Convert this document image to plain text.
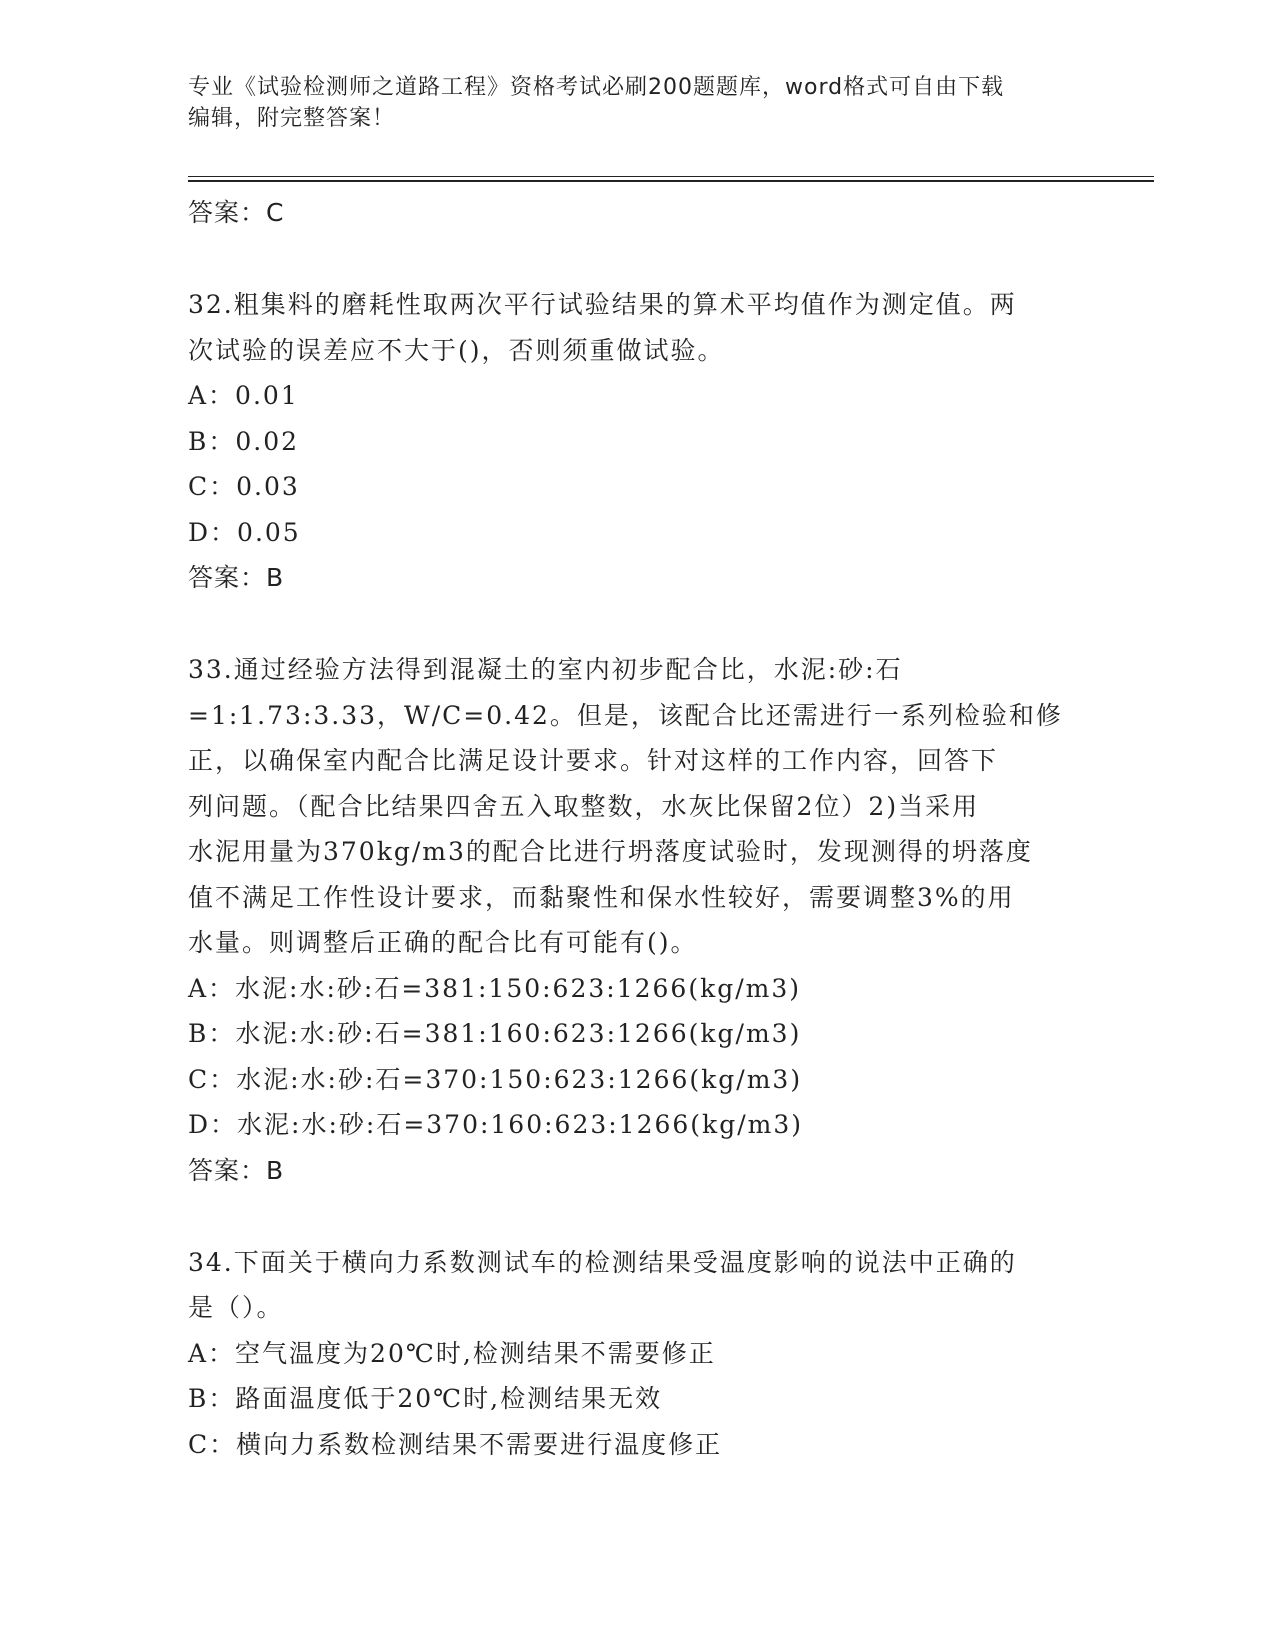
专业《试验检测师之道路工程》资格考试必刷200题题库，word格式可自由下载
编辑，附完整答案！
答案：C
32.粗集料的磨耗性取两次平行试验结果的算术平均值作为测定值。两
次试验的误差应不大于()，否则须重做试验。
A：0.01
B：0.02
C：0.03
D：0.05
答案：B
33.通过经验方法得到混凝土的室内初步配合比，水泥:砂:石
=1:1.73:3.33，W/C=0.42。但是，该配合比还需进行一系列检验和修
正，以确保室内配合比满足设计要求。针对这样的工作内容，回答下
列问题。（配合比结果四舍五入取整数，水灰比保留2位）2)当采用
水泥用量为370kg/m3的配合比进行坍落度试验时，发现测得的坍落度
值不满足工作性设计要求，而黏聚性和保水性较好，需要调整3%的用
水量。则调整后正确的配合比有可能有()。
A：水泥:水:砂:石=381:150:623:1266(kg/m3)
B：水泥:水:砂:石=381:160:623:1266(kg/m3)
C：水泥:水:砂:石=370:150:623:1266(kg/m3)
D：水泥:水:砂:石=370:160:623:1266(kg/m3)
答案：B
34.下面关于横向力系数测试车的检测结果受温度影响的说法中正确的
是（）。
A：空气温度为20℃时,检测结果不需要修正
B：路面温度低于20℃时,检测结果无效
C：横向力系数检测结果不需要进行温度修正
